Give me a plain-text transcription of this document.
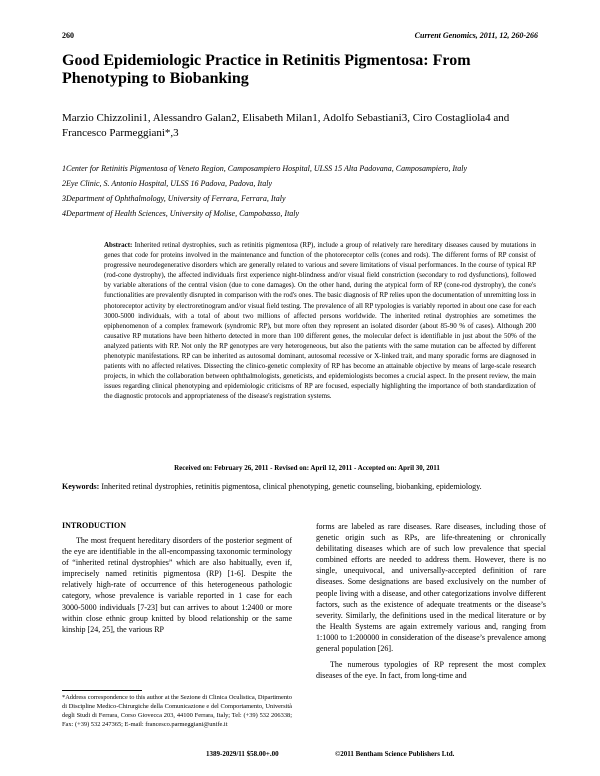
260	Current Genomics, 2011, 12, 260-266
Good Epidemiologic Practice in Retinitis Pigmentosa: From Phenotyping to Biobanking
Marzio Chizzolini1, Alessandro Galan2, Elisabeth Milan1, Adolfo Sebastiani3, Ciro Costagliola4 and Francesco Parmeggiani*,3
1Center for Retinitis Pigmentosa of Veneto Region, Camposampiero Hospital, ULSS 15 Alta Padovana, Camposampiero, Italy
2Eye Clinic, S. Antonio Hospital, ULSS 16 Padova, Padova, Italy
3Department of Ophthalmology, University of Ferrara, Ferrara, Italy
4Department of Health Sciences, University of Molise, Campobasso, Italy
Abstract: Inherited retinal dystrophies, such as retinitis pigmentosa (RP), include a group of relatively rare hereditary diseases caused by mutations in genes that code for proteins involved in the maintenance and function of the photoreceptor cells (cones and rods). The different forms of RP consist of progressive neurodegenerative disorders which are generally related to various and severe limitations of visual performances. In the course of typical RP (rod-cone dystrophy), the affected individuals first experience night-blindness and/or visual field constriction (secondary to rod dysfunctions), followed by variable alterations of the central vision (due to cone damages). On the other hand, during the atypical form of RP (cone-rod dystrophy), the cone's functionalities are prevalently disrupted in comparison with the rod's ones. The basic diagnosis of RP relies upon the documentation of unremitting loss in photoreceptor activity by electroretinogram and/or visual field testing. The prevalence of all RP typologies is variably reported in about one case for each 3000-5000 individuals, with a total of about two millions of affected persons worldwide. The inherited retinal dystrophies are sometimes the epiphenomenon of a complex framework (syndromic RP), but more often they represent an isolated disorder (about 85-90 % of cases). Although 200 causative RP mutations have been hitherto detected in more than 100 different genes, the molecular defect is identifiable in just about the 50% of the analyzed patients with RP. Not only the RP genotypes are very heterogeneous, but also the patients with the same mutation can be affected by different phenotypic manifestations. RP can be inherited as autosomal dominant, autosomal recessive or X-linked trait, and many sporadic forms are diagnosed in patients with no affected relatives. Dissecting the clinico-genetic complexity of RP has become an attainable objective by means of large-scale research projects, in which the collaboration between ophthalmologists, geneticists, and epidemiologists becomes a crucial aspect. In the present review, the main issues regarding clinical phenotyping and epidemiologic criticisms of RP are focused, especially highlighting the importance of both standardization of the diagnostic protocols and appropriateness of the disease's registration systems.
Received on: February 26, 2011 - Revised on: April 12, 2011 - Accepted on: April 30, 2011
Keywords: Inherited retinal dystrophies, retinitis pigmentosa, clinical phenotyping, genetic counseling, biobanking, epidemiology.
INTRODUCTION

The most frequent hereditary disorders of the posterior segment of the eye are identifiable in the all-encompassing taxonomic terminology of “inherited retinal dystrophies” which are also habitually, even if, imprecisely named retinitis pigmentosa (RP) [1-6]. Despite the relatively high-rate of occurrence of this heterogeneous pathologic category, whose prevalence is variable reported in 1 case for each 3000-5000 individuals [7-23] but can arrives to about 1:2400 or more within close ethnic group knitted by blood relationship or the same kinship [24, 25], the various RP

forms are labeled as rare diseases. Rare diseases, including those of genetic origin such as RPs, are life-threatening or chronically debilitating diseases which are of such low prevalence that special combined efforts are needed to address them. However, there is no single, unequivocal, and universally-accepted definition of rare diseases. Some designations are based exclusively on the number of people living with a disease, and other categorizations involve different factors, such as the existence of adequate treatments or the disease’s severity. Similarly, the definitions used in the medical literature or by the Health Systems are again extremely various and, ranging from 1:1000 to 1:200000 in consideration of the disease’s prevalence among general population [26].

The numerous typologies of RP represent the most complex diseases of the eye. In fact, from long-time and

*Address correspondence to this author at the Sezione di Clinica Oculistica, Dipartimento di Discipline Medico-Chirurgiche della Comunicazione e del Comportamento, Università degli Studi di Ferrara, Corso Giovecca 203, 44100 Ferrara, Italy; Tel: (+39) 532 206338; Fax: (+39) 532 247365; E-mail: francesco.parmeggiani@unife.it
1389-2029/11 $58.00+.00	©2011 Bentham Science Publishers Ltd.
